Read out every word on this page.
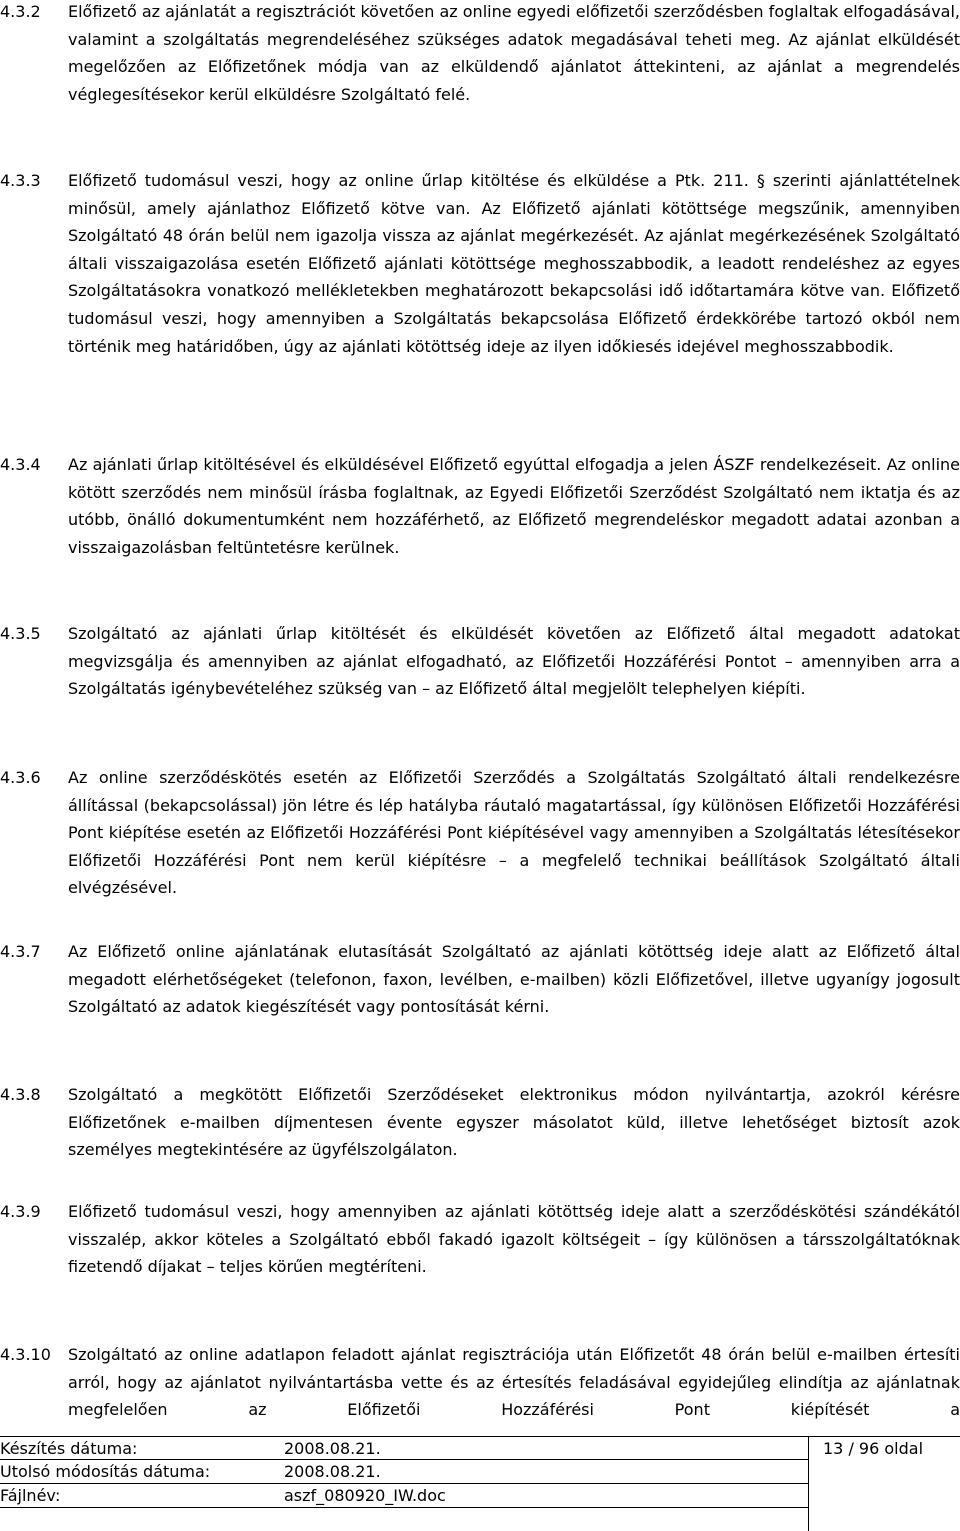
4.3.2 Előfizető az ajánlatát a regisztrációt követően az online egyedi előfizetői szerződésben foglaltak elfogadásával, valamint a szolgáltatás megrendeléséhez szükséges adatok megadásával teheti meg. Az ajánlat elküldését megelőzően az Előfizetőnek módja van az elküldendő ajánlatot áttekinteni, az ajánlat a megrendelés véglegesítésekor kerül elküldésre Szolgáltató felé.
4.3.3 Előfizető tudomásul veszi, hogy az online űrlap kitöltése és elküldése a Ptk. 211. § szerinti ajánlattételnek minősül, amely ajánlathoz Előfizető kötve van. Az Előfizető ajánlati kötöttsége megszűnik, amennyiben Szolgáltató 48 órán belül nem igazolja vissza az ajánlat megérkezését. Az ajánlat megérkezésének Szolgáltató általi visszaigazolása esetén Előfizető ajánlati kötöttsége meghosszabbodik, a leadott rendeléshez az egyes Szolgáltatásokra vonatkozó mellékletekben meghatározott bekapcsolási idő időtartamára kötve van. Előfizető tudomásul veszi, hogy amennyiben a Szolgáltatás bekapcsolása Előfizető érdekkörébe tartozó okból nem történik meg határidőben, úgy az ajánlati kötöttség ideje az ilyen időkiesés idejével meghosszabbodik.
4.3.4 Az ajánlati űrlap kitöltésével és elküldésével Előfizető egyúttal elfogadja a jelen ÁSZF rendelkezéseit. Az online kötött szerződés nem minősül írásba foglaltnak, az Egyedi Előfizetői Szerződést Szolgáltató nem iktatja és az utóbb, önálló dokumentumként nem hozzáférhető, az Előfizető megrendeléskor megadott adatai azonban a visszaigazolásban feltüntetésre kerülnek.
4.3.5 Szolgáltató az ajánlati űrlap kitöltését és elküldését követően az Előfizető által megadott adatokat megvizsgálja és amennyiben az ajánlat elfogadható, az Előfizetői Hozzáférési Pontot – amennyiben arra a Szolgáltatás igénybevételéhez szükség van – az Előfizető által megjelölt telephelyen kiépíti.
4.3.6 Az online szerződéskötés esetén az Előfizetői Szerződés a Szolgáltatás Szolgáltató általi rendelkezésre állítással (bekapcsolással) jön létre és lép hatályba ráutaló magatartással, így különösen Előfizetői Hozzáférési Pont kiépítése esetén az Előfizetői Hozzáférési Pont kiépítésével vagy amennyiben a Szolgáltatás létesítésekor Előfizetői Hozzáférési Pont nem kerül kiépítésre – a megfelelő technikai beállítások Szolgáltató általi elvégzésével.
4.3.7 Az Előfizető online ajánlatának elutasítását Szolgáltató az ajánlati kötöttség ideje alatt az Előfizető által megadott elérhetőségeket (telefonon, faxon, levélben, e-mailben) közli Előfizetővel, illetve ugyanígy jogosult Szolgáltató az adatok kiegészítését vagy pontosítását kérni.
4.3.8 Szolgáltató a megkötött Előfizetői Szerződéseket elektronikus módon nyilvántartja, azokról kérésre Előfizetőnek e-mailben díjmentesen évente egyszer másolatot küld, illetve lehetőséget biztosít azok személyes megtekintésére az ügyfélszolgálaton.
4.3.9 Előfizető tudomásul veszi, hogy amennyiben az ajánlati kötöttség ideje alatt a szerződéskötési szándékától visszalép, akkor köteles a Szolgáltató ebből fakadó igazolt költségeit – így különösen a társszolgáltatóknak fizetendő díjakat – teljes körűen megtéríteni.
4.3.10 Szolgáltató az online adatlapon feladott ajánlat regisztrációja után Előfizetőt 48 órán belül e-mailben értesíti arról, hogy az ajánlatot nyilvántartásba vette és az értesítés feladásával egyidejűleg elindítja az ajánlatnak megfelelően az Előfizetői Hozzáférési Pont kiépítését a
Készítés dátuma:	2008.08.21.	13 / 96 oldal
Utolsó módosítás dátuma:	2008.08.21.
Fájlnév:	aszf_080920_IW.doc
